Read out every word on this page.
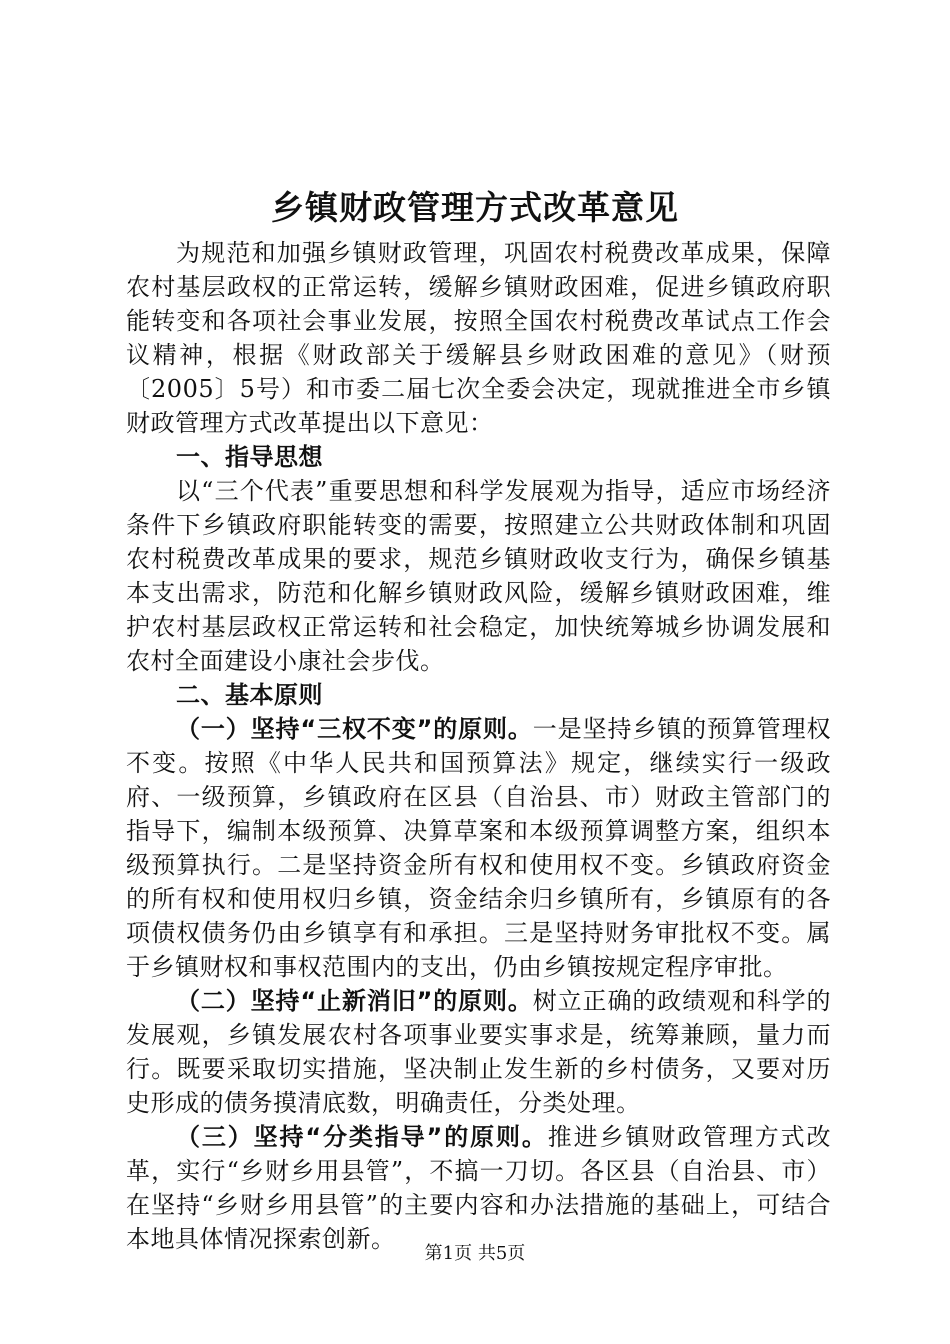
乡镇财政管理方式改革意见

为规范和加强乡镇财政管理，巩固农村税费改革成果，保障农村基层政权的正常运转，缓解乡镇财政困难，促进乡镇政府职能转变和各项社会事业发展，按照全国农村税费改革试点工作会议精神，根据《财政部关于缓解县乡财政困难的意见》（财预〔2005〕5号）和市委二届七次全委会决定，现就推进全市乡镇财政管理方式改革提出以下意见：

一、指导思想

以“三个代表”重要思想和科学发展观为指导，适应市场经济条件下乡镇政府职能转变的需要，按照建立公共财政体制和巩固农村税费改革成果的要求，规范乡镇财政收支行为，确保乡镇基本支出需求，防范和化解乡镇财政风险，缓解乡镇财政困难，维护农村基层政权正常运转和社会稳定，加快统筹城乡协调发展和农村全面建设小康社会步伐。

二、基本原则

（一）坚持“三权不变”的原则。一是坚持乡镇的预算管理权不变。按照《中华人民共和国预算法》规定，继续实行一级政府、一级预算，乡镇政府在区县（自治县、市）财政主管部门的指导下，编制本级预算、决算草案和本级预算调整方案，组织本级预算执行。二是坚持资金所有权和使用权不变。乡镇政府资金的所有权和使用权归乡镇，资金结余归乡镇所有，乡镇原有的各项债权债务仍由乡镇享有和承担。三是坚持财务审批权不变。属于乡镇财权和事权范围内的支出，仍由乡镇按规定程序审批。

（二）坚持“止新消旧”的原则。树立正确的政绩观和科学的发展观，乡镇发展农村各项事业要实事求是，统筹兼顾，量力而行。既要采取切实措施，坚决制止发生新的乡村债务，又要对历史形成的债务摸清底数，明确责任，分类处理。

（三）坚持“分类指导”的原则。推进乡镇财政管理方式改革，实行“乡财乡用县管”，不搞一刀切。各区县（自治县、市）在坚持“乡财乡用县管”的主要内容和办法措施的基础上，可结合本地具体情况探索创新。

第1页 共5页
